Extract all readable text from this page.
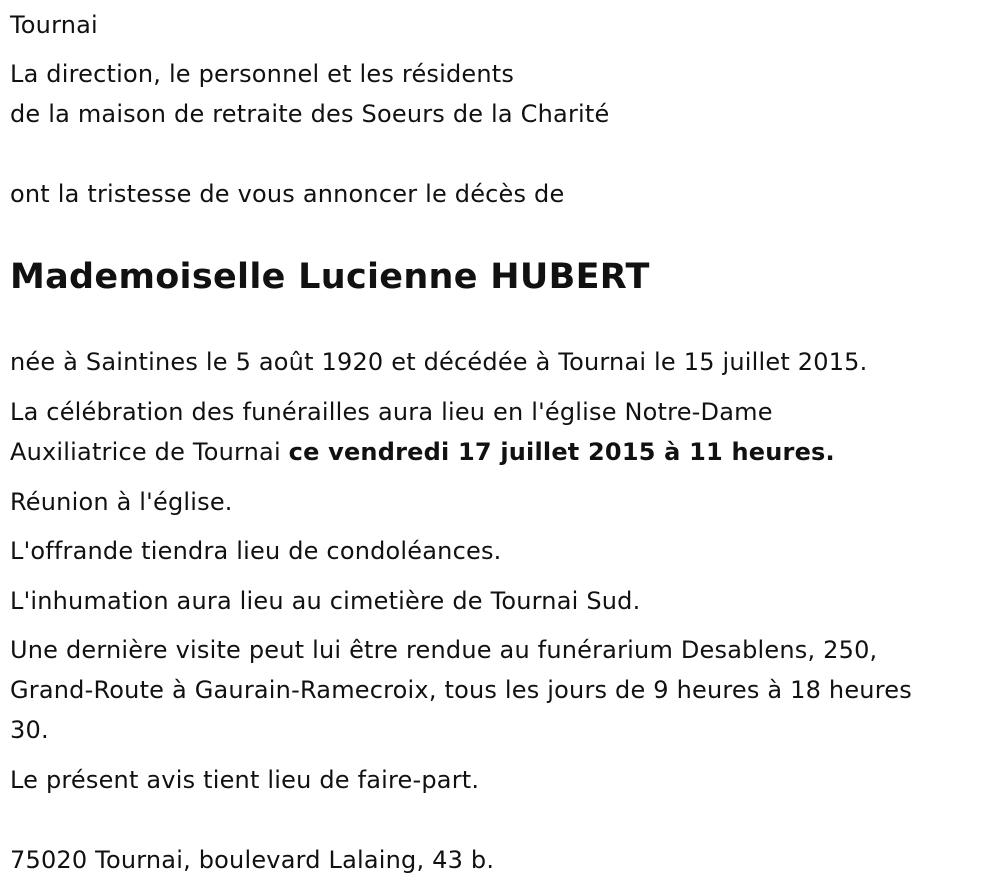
Tournai
La direction, le personnel et les résidents
de la maison de retraite des Soeurs de la Charité
ont la tristesse de vous annoncer le décès de
Mademoiselle Lucienne HUBERT
née à Saintines le 5 août 1920 et décédée à Tournai le 15 juillet 2015.
La célébration des funérailles aura lieu en l'église Notre-Dame
Auxiliatrice de Tournai ce vendredi 17 juillet 2015 à 11 heures.
Réunion à l'église.
L'offrande tiendra lieu de condoléances.
L'inhumation aura lieu au cimetière de Tournai Sud.
Une dernière visite peut lui être rendue au funérarium Desablens, 250,
Grand-Route à Gaurain-Ramecroix, tous les jours de 9 heures à 18 heures
30.
Le présent avis tient lieu de faire-part.
75020 Tournai, boulevard Lalaing, 43 b.
